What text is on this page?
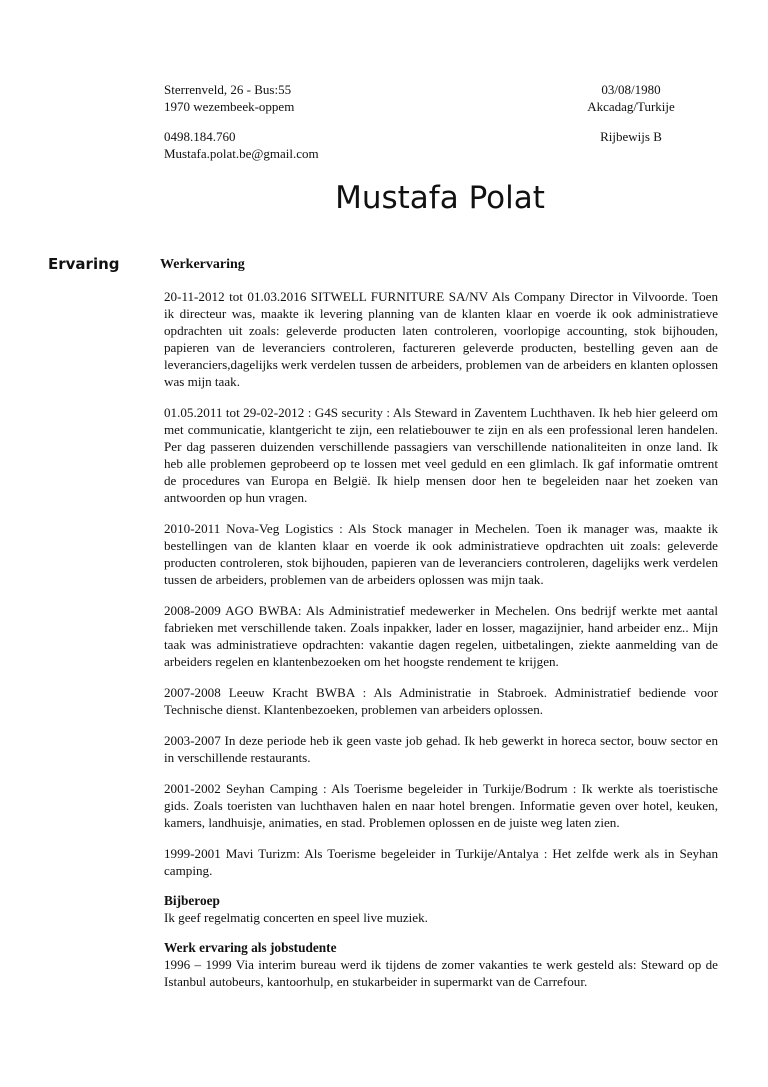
Sterrenveld, 26 - Bus:55
1970 wezembeek-oppem
0498.184.760
Mustafa.polat.be@gmail.com
03/08/1980
Akcadag/Turkije
Rijbewijs B
Mustafa Polat
Ervaring	Werkervaring

20-11-2012 tot 01.03.2016 SITWELL FURNITURE SA/NV Als Company Director in Vilvoorde. Toen ik directeur was, maakte ik levering planning van de klanten klaar en voerde ik ook administratieve opdrachten uit zoals: geleverde producten laten controleren, voorlopige accounting, stok bijhouden, papieren van de leveranciers controleren, factureren geleverde producten, bestelling geven aan de leveranciers,dagelijks werk verdelen tussen de arbeiders, problemen van de arbeiders en klanten oplossen was mijn taak.

01.05.2011 tot 29-02-2012 : G4S security : Als Steward in Zaventem Luchthaven. Ik heb hier geleerd om met communicatie, klantgericht te zijn, een relatiebouwer te zijn en als een professional leren handelen. Per dag passeren duizenden verschillende passagiers van verschillende nationaliteiten in onze land. Ik heb alle problemen geprobeerd op te lossen met veel geduld en een glimlach. Ik gaf informatie omtrent de procedures van Europa en België. Ik hielp mensen door hen te begeleiden naar het zoeken van antwoorden op hun vragen.

2010-2011 Nova-Veg Logistics : Als Stock manager in Mechelen. Toen ik manager was, maakte ik bestellingen van de klanten klaar en voerde ik ook administratieve opdrachten uit zoals: geleverde producten controleren, stok bijhouden, papieren van de leveranciers controleren, dagelijks werk verdelen tussen de arbeiders, problemen van de arbeiders oplossen was mijn taak.

2008-2009 AGO BWBA: Als Administratief medewerker in Mechelen. Ons bedrijf werkte met aantal fabrieken met verschillende taken. Zoals inpakker, lader en losser, magazijnier, hand arbeider enz.. Mijn taak was administratieve opdrachten: vakantie dagen regelen, uitbetalingen, ziekte aanmelding van de arbeiders regelen en klantenbezoeken om het hoogste rendement te krijgen.

2007-2008 Leeuw Kracht BWBA : Als Administratie in Stabroek. Administratief bediende voor Technische dienst. Klantenbezoeken, problemen van arbeiders oplossen.

2003-2007 In deze periode heb ik geen vaste job gehad. Ik heb gewerkt in horeca sector, bouw sector en in verschillende restaurants.

2001-2002 Seyhan Camping : Als Toerisme begeleider in Turkije/Bodrum : Ik werkte als toeristische gids. Zoals toeristen van luchthaven halen en naar hotel brengen. Informatie geven over hotel, keuken, kamers, landhuisje, animaties, en stad. Problemen oplossen en de juiste weg laten zien.

1999-2001 Mavi Turizm: Als Toerisme begeleider in Turkije/Antalya : Het zelfde werk als in Seyhan camping.

Bijberoep

Ik geef regelmatig concerten en speel live muziek.

Werk ervaring als jobstudente

1996 – 1999 Via interim bureau werd ik tijdens de zomer vakanties te werk gesteld als: Steward op de Istanbul autobeurs, kantoorhulp, en stukarbeider in supermarkt van de Carrefour.
